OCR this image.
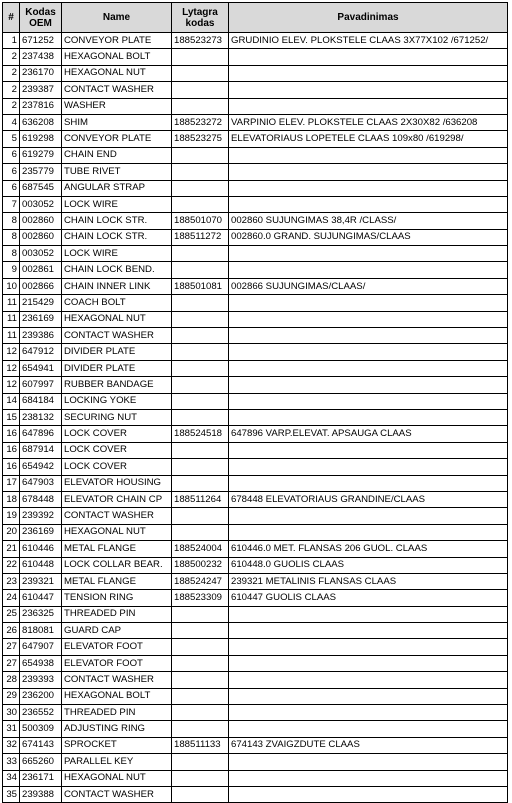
#	Kodas OEM	Name	Lytagra kodas	Pavadinimas
1	671252	CONVEYOR PLATE	188523273	GRUDINIO ELEV. PLOKSTELE CLAAS 3X77X102 /671252/
2	237438	HEXAGONAL BOLT		
2	236170	HEXAGONAL NUT		
2	239387	CONTACT WASHER		
2	237816	WASHER		
4	636208	SHIM	188523272	VARPINIO ELEV. PLOKSTELE CLAAS 2X30X82 /636208
5	619298	CONVEYOR PLATE	188523275	ELEVATORIAUS LOPETELE CLAAS 109x80 /619298/
6	619279	CHAIN END		
6	235779	TUBE RIVET		
6	687545	ANGULAR STRAP		
7	003052	LOCK WIRE		
8	002860	CHAIN LOCK STR.	188501070	002860 SUJUNGIMAS 38,4R /CLASS/
8	002860	CHAIN LOCK STR.	188511272	002860.0 GRAND. SUJUNGIMAS/CLAAS
8	003052	LOCK WIRE		
9	002861	CHAIN LOCK BEND.		
10	002866	CHAIN INNER LINK	188501081	002866 SUJUNGIMAS/CLAAS/
11	215429	COACH BOLT		
11	236169	HEXAGONAL NUT		
11	239386	CONTACT WASHER		
12	647912	DIVIDER PLATE		
12	654941	DIVIDER PLATE		
12	607997	RUBBER BANDAGE		
14	684184	LOCKING YOKE		
15	238132	SECURING NUT		
16	647896	LOCK COVER	188524518	647896 VARP.ELEVAT. APSAUGA CLAAS
16	687914	LOCK COVER		
16	654942	LOCK COVER		
17	647903	ELEVATOR HOUSING		
18	678448	ELEVATOR CHAIN CP	188511264	678448 ELEVATORIAUS GRANDINE/CLAAS
19	239392	CONTACT WASHER		
20	236169	HEXAGONAL NUT		
21	610446	METAL FLANGE	188524004	610446.0 MET. FLANSAS 206 GUOL. CLAAS
22	610448	LOCK COLLAR BEAR.	188500232	610448.0 GUOLIS CLAAS
23	239321	METAL FLANGE	188524247	239321 METALINIS FLANSAS CLAAS
24	610447	TENSION RING	188523309	610447 GUOLIS CLAAS
25	236325	THREADED PIN		
26	818081	GUARD CAP		
27	647907	ELEVATOR FOOT		
27	654938	ELEVATOR FOOT		
28	239393	CONTACT WASHER		
29	236200	HEXAGONAL BOLT		
30	236552	THREADED PIN		
31	500309	ADJUSTING RING		
32	674143	SPROCKET	188511133	674143 ZVAIGZDUTE CLAAS
33	665260	PARALLEL KEY		
34	236171	HEXAGONAL NUT		
35	239388	CONTACT WASHER		
